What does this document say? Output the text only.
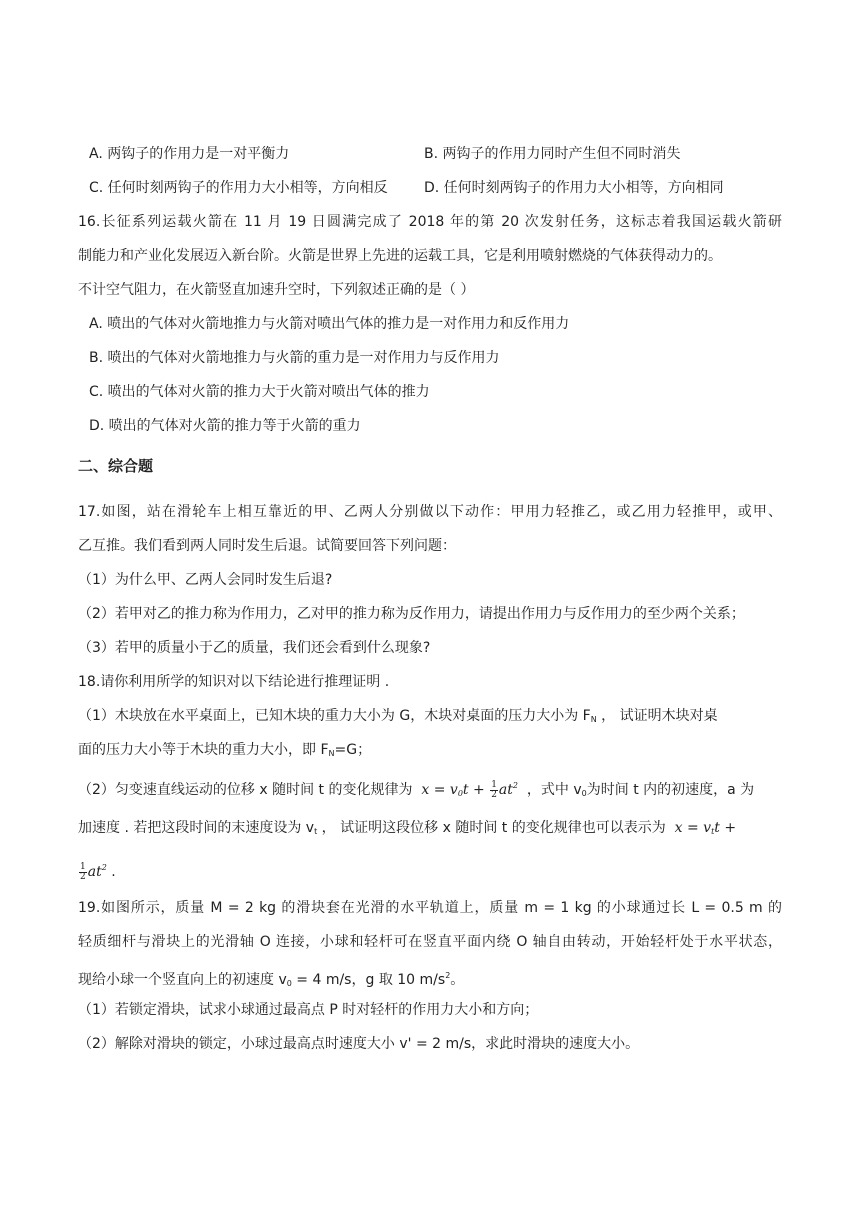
A. 两钩子的作用力是一对平衡力	B. 两钩子的作用力同时产生但不同时消失
C. 任何时刻两钩子的作用力大小相等，方向相反	D. 任何时刻两钩子的作用力大小相等，方向相同
16.长征系列运载火箭在 11 月 19 日圆满完成了 2018 年的第 20 次发射任务，这标志着我国运载火箭研
制能力和产业化发展迈入新台阶。火箭是世界上先进的运载工具，它是利用喷射燃烧的气体获得动力的。
不计空气阻力，在火箭竖直加速升空时，下列叙述正确的是（ ）
A. 喷出的气体对火箭地推力与火箭对喷出气体的推力是一对作用力和反作用力
B. 喷出的气体对火箭地推力与火箭的重力是一对作用力与反作用力
C. 喷出的气体对火箭的推力大于火箭对喷出气体的推力
D. 喷出的气体对火箭的推力等于火箭的重力
二、综合题
17.如图，站在滑轮车上相互靠近的甲、乙两人分别做以下动作：甲用力轻推乙，或乙用力轻推甲，或甲、
乙互推。我们看到两人同时发生后退。试简要回答下列问题：
（1）为什么甲、乙两人会同时发生后退?
（2）若甲对乙的推力称为作用力，乙对甲的推力称为反作用力，请提出作用力与反作用力的至少两个关系；
（3）若甲的质量小于乙的质量，我们还会看到什么现象?
18.请你利用所学的知识对以下结论进行推理证明 .
（1）木块放在水平桌面上，已知木块的重力大小为 G，木块对桌面的压力大小为 $F_N$ ， 试证明木块对桌
面的压力大小等于木块的重力大小，即 $F_N=G$；
（2）匀变速直线运动的位移 x 随时间 t 的变化规律为  $x = v_0t + \frac{1}{2} at^2$ ，式中 $v_0$为时间 t 内的初速度，a 为
加速度 . 若把这段时间的末速度设为 $v_t$ ， 试证明这段位移 x 随时间 t 的变化规律也可以表示为  $x = v_tt$ +
$\frac{1}{2} at^2$ .
19.如图所示，质量 M = 2 kg 的滑块套在光滑的水平轨道上，质量 m = 1 kg 的小球通过长 L = 0.5 m 的
轻质细杆与滑块上的光滑轴 O 连接，小球和轻杆可在竖直平面内绕 O 轴自由转动，开始轻杆处于水平状态，
现给小球一个竖直向上的初速度 $v_0 = 4$ m/s，g 取 10 $m/s^2$。
（1）若锁定滑块，试求小球通过最高点 P 时对轻杆的作用力大小和方向；
（2）解除对滑块的锁定，小球过最高点时速度大小 v' = 2 m/s，求此时滑块的速度大小。
